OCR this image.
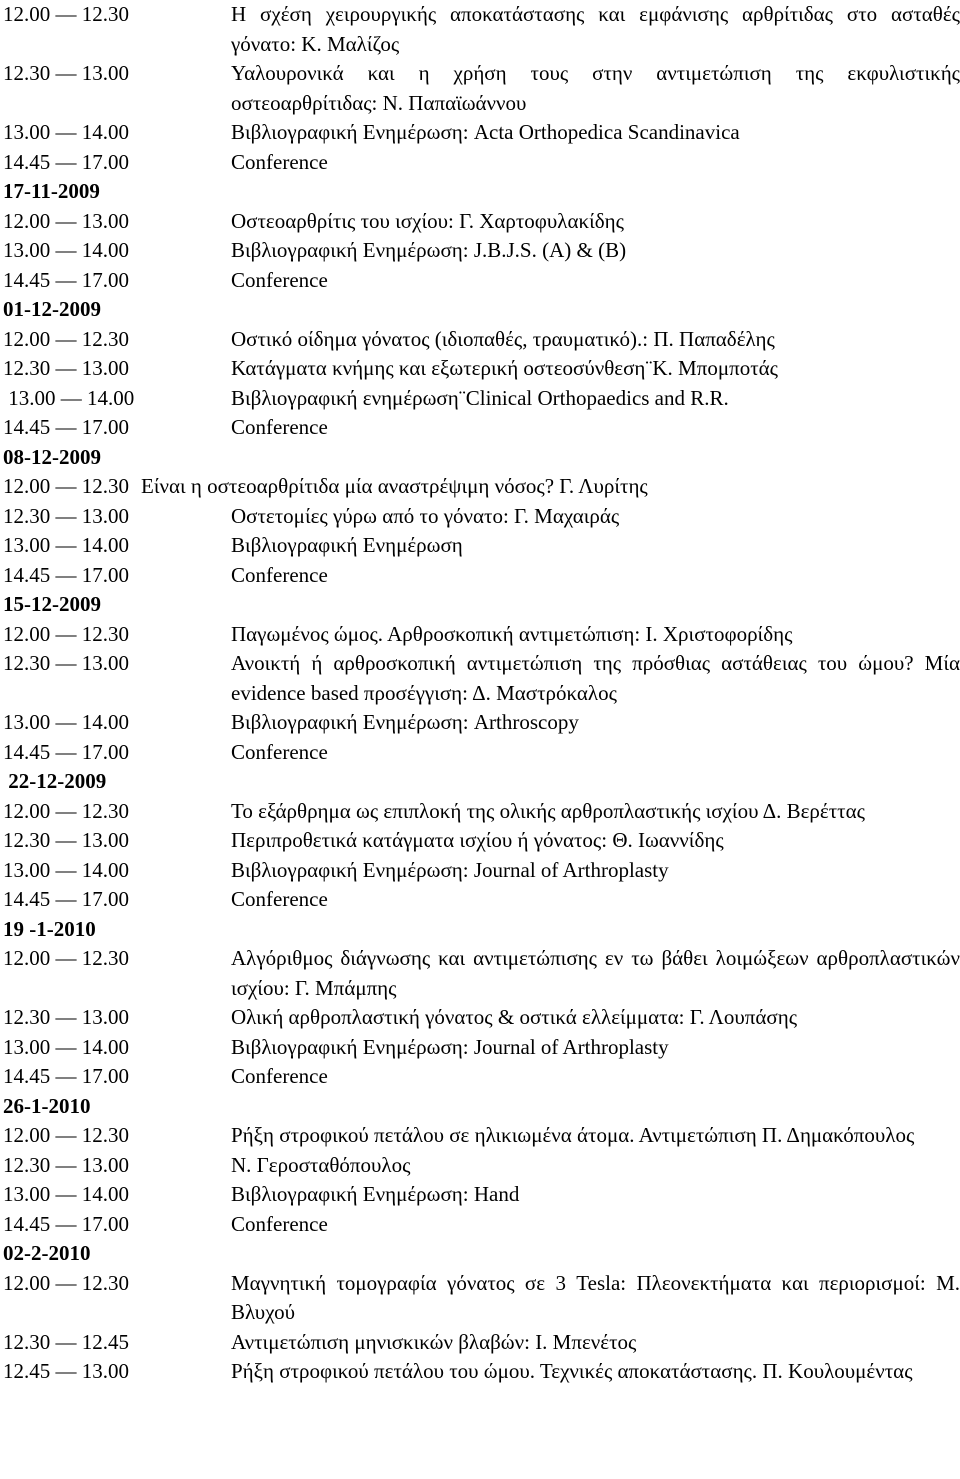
12.00 — 12.30	Η σχέση χειρουργικής αποκατάστασης και εμφάνισης αρθρίτιδας στο ασταθές γόνατο: Κ. Μαλίζος
12.30 — 13.00	Υαλουρονικά και η χρήση τους στην αντιμετώπιση της εκφυλιστικής οστεοαρθρίτιδας: Ν. Παπαϊωάννου
13.00 — 14.00	Βιβλιογραφική Ενημέρωση: Acta Orthopedica Scandinavica
14.45 — 17.00	Conference
17-11-2009
12.00 — 13.00	Οστεοαρθρίτις του ισχίου: Γ. Χαρτοφυλακίδης
13.00 — 14.00	Βιβλιογραφική Ενημέρωση: J.B.J.S. (A) & (B)
14.45 — 17.00	Conference
01-12-2009
12.00 — 12.30	Οστικό οίδημα γόνατος (ιδιοπαθές, τραυματικό).: Π. Παπαδέλης
12.30 — 13.00	Κατάγματα κνήμης και εξωτερική οστεοσύνθεση¨Κ. Μπομποτάς
13.00 — 14.00	Βιβλιογραφική ενημέρωση¨Clinical Orthopaedics and R.R.
14.45 — 17.00	Conference
08-12-2009
12.00 — 12.30 Είναι η οστεοαρθρίτιδα μία αναστρέψιμη νόσος? Γ. Λυρίτης
12.30 — 13.00	Οστετομίες γύρω από το γόνατο: Γ. Μαχαιράς
13.00 — 14.00	Βιβλιογραφική Ενημέρωση
14.45 — 17.00	Conference
15-12-2009
12.00 — 12.30	Παγωμένος ώμος. Αρθροσκοπική αντιμετώπιση: Ι. Χριστοφορίδης
12.30 — 13.00	Ανοικτή ή αρθροσκοπική αντιμετώπιση της πρόσθιας αστάθειας του ώμου? Μία evidence based προσέγγιση: Δ. Μαστρόκαλος
13.00 — 14.00	Βιβλιογραφική Ενημέρωση: Arthroscopy
14.45 — 17.00	Conference
22-12-2009
12.00 — 12.30	Το εξάρθρημα ως επιπλοκή της ολικής αρθροπλαστικής ισχίου Δ. Βερέττας
12.30 — 13.00	Περιπροθετικά κατάγματα ισχίου ή γόνατος: Θ. Ιωαννίδης
13.00 — 14.00	Βιβλιογραφική Ενημέρωση: Journal of Arthroplasty
14.45 — 17.00	Conference
19 -1-2010
12.00 — 12.30	Αλγόριθμος διάγνωσης και αντιμετώπισης εν τω βάθει λοιμώξεων αρθροπλαστικών ισχίου: Γ. Μπάμπης
12.30 — 13.00	Ολική αρθροπλαστική γόνατος & οστικά ελλείμματα: Γ. Λουπάσης
13.00 — 14.00	Βιβλιογραφική Ενημέρωση: Journal of Arthroplasty
14.45 — 17.00	Conference
26-1-2010
12.00 — 12.30	Ρήξη στροφικού πετάλου σε ηλικιωμένα άτομα. Αντιμετώπιση Π. Δημακόπουλος
12.30 — 13.00	Ν. Γεροσταθόπουλος
13.00 — 14.00	Βιβλιογραφική Ενημέρωση: Hand
14.45 — 17.00	Conference
02-2-2010
12.00 — 12.30	Μαγνητική τομογραφία γόνατος σε 3 Tesla: Πλεονεκτήματα και περιορισμοί: Μ. Βλυχού
12.30 — 12.45	Αντιμετώπιση μηνισκικών βλαβών: Ι. Μπενέτος
12.45 — 13.00	Ρήξη στροφικού πετάλου του ώμου. Τεχνικές αποκατάστασης. Π. Κουλουμέντας
